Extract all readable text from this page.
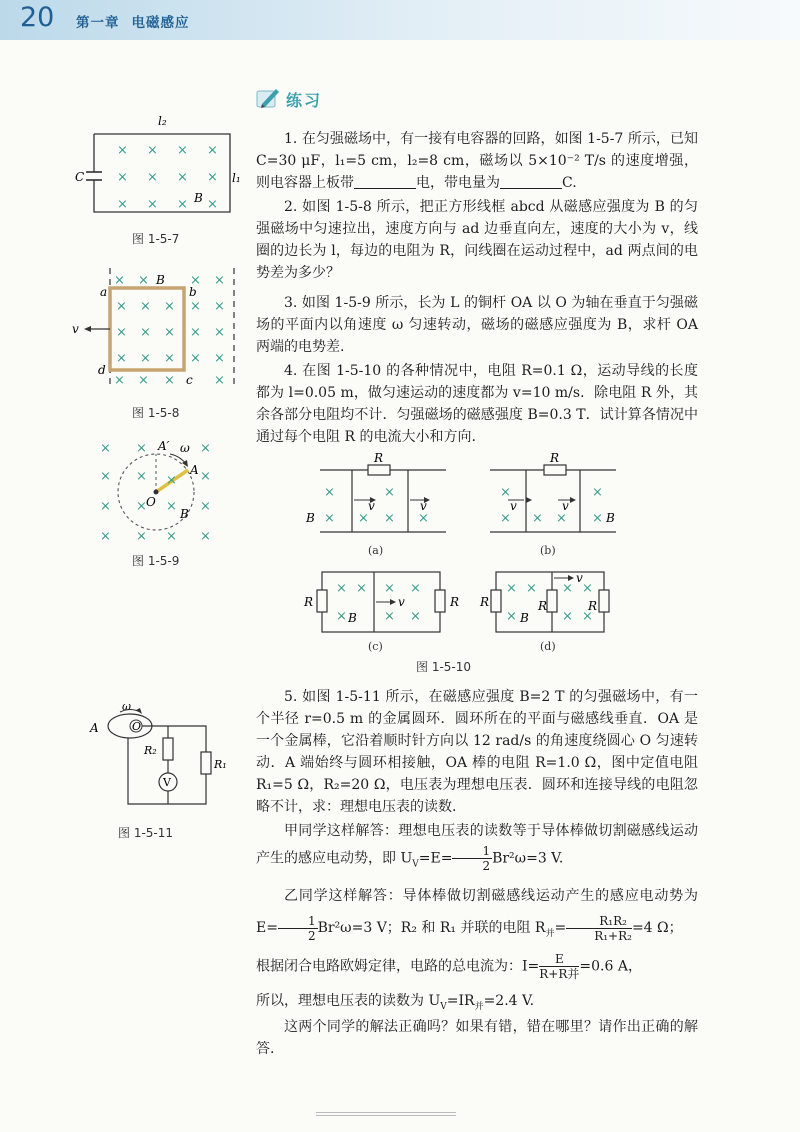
20 第一章 电磁感应
练习
l₂
C	l₁
× × × ×
× × × ×
× × × ×
B
图 1-5-7
× ×	× ×
× × × × ×
× × × × ×
× × × × ×
× × ×	×
B
a	b
c
d
v
图 1-5-8
× ×	×
× × × ×
× × × ×
× × × ×
A′ ω
A
O
B
图 1-5-9

1. 在匀强磁场中，有一接有电容器的回路，如图 1-5-7 所示，已知 C=30 μF，l₁=5 cm，l₂=8 cm，磁场以 5×10⁻² T/s 的速度增强，则电容器上板带	电，带电量为	C.

2. 如图 1-5-8 所示，把正方形线框 abcd 从磁感应强度为 B 的匀强磁场中匀速拉出，速度方向与 ad 边垂直向左，速度的大小为 v，线圈的边长为 l，每边的电阻为 R，问线圈在运动过程中，ad 两点间的电势差为多少？

3. 如图 1-5-9 所示，长为 L 的铜杆 OA 以 O 为轴在垂直于匀强磁场的平面内以角速度 ω 匀速转动，磁场的磁感应强度为 B，求杆 OA 两端的电势差.

4. 在图 1-5-10 的各种情况中，电阻 R=0.1 Ω，运动导线的长度都为 l=0.05 m，做匀速运动的速度都为 v=10 m/s．除电阻 R 外，其余各部分电阻均不计．匀强磁场的磁感强度 B=0.3 T．试计算各情况中通过每个电阻 R 的电流大小和方向.

×	×
× × × ×
×	×
× × × ×
× × × ×
×	× ×
× × × ×
×	× ×
R
v	v
B
R
v	v
B
R	R
v
B
R	R	R
v
B
(a)	(b)
(c)	(d)
图 1-5-10
O
ω
A
V
R₂
R₁
图 1-5-11

5. 如图 1-5-11 所示，在磁感应强度 B=2 T 的匀强磁场中，有一个半径 r=0.5 m 的金属圆环．圆环所在的平面与磁感线垂直．OA 是一个金属棒，它沿着顺时针方向以 12 rad/s 的角速度绕圆心 O 匀速转动．A 端始终与圆环相接触，OA 棒的电阻 R=1.0 Ω，图中定值电阻 R₁=5 Ω，R₂=20 Ω，电压表为理想电压表．圆环和连接导线的电阻忽略不计，求：理想电压表的读数.

甲同学这样解答：理想电压表的读数等于导体棒做切割磁感线运动产生的感应电动势，即 $U_V=E= \frac{1}{2} Br^2\omega=3$ V.

乙同学这样解答：导体棒做切割磁感线运动产生的感应电动势为 $E= \frac{1}{2} Br^2\omega=3$ V；R₂ 和 R₁ 并联的电阻 $R_并= \frac{\text{R₁R₂}}{\text{R₁+R₂}} =4$ Ω；

根据闭合电路欧姆定律，电路的总电流为：I=	E
R+R并 =0.6 A，

所以，理想电压表的读数为 $U_V=IR_并=2.4$ V.

这两个同学的解法正确吗？如果有错，错在哪里？请作出正确的解答.
